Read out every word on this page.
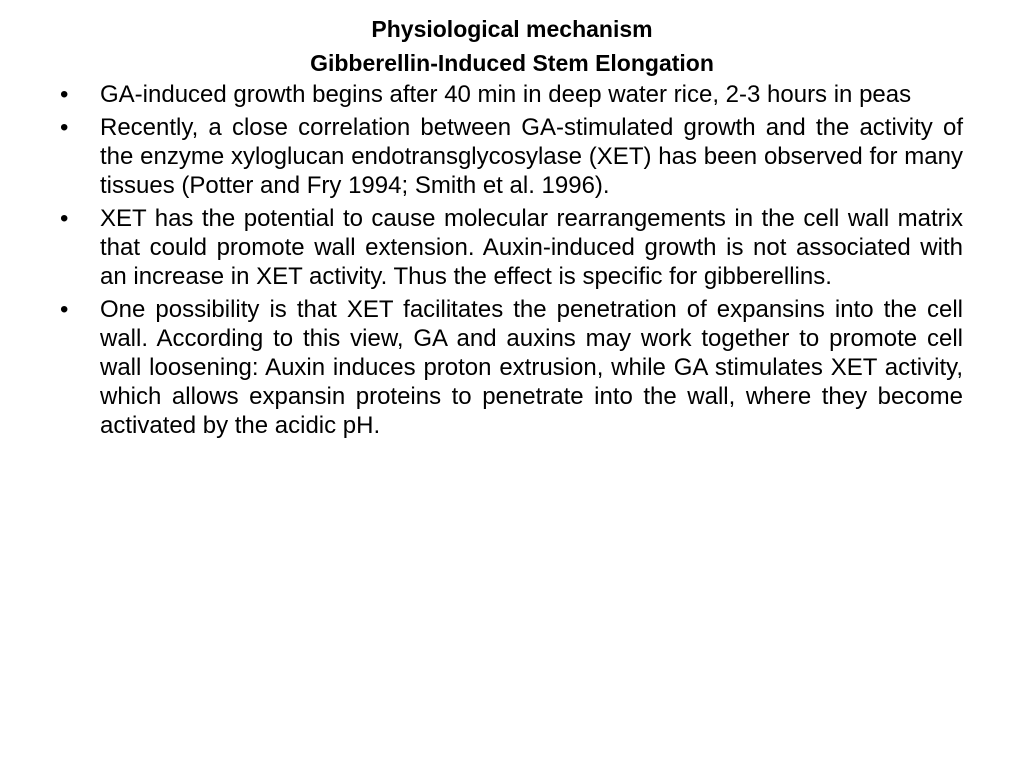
Physiological mechanism
Gibberellin-Induced Stem Elongation
• GA-induced growth begins after 40 min in deep water rice, 2-3 hours in peas
• Recently, a close correlation between GA-stimulated growth and the activity of the enzyme xyloglucan endotransglycosylase (XET) has been observed for many tissues (Potter and Fry 1994; Smith et al. 1996).
• XET has the potential to cause molecular rearrangements in the cell wall matrix that could promote wall extension. Auxin-induced growth is not associated with an increase in XET activity. Thus the effect is specific for gibberellins.
• One possibility is that XET facilitates the penetration of expansins into the cell wall. According to this view, GA and auxins may work together to promote cell wall loosening: Auxin induces proton extrusion, while GA stimulates XET activity, which allows expansin proteins to penetrate into the wall, where they become activated by the acidic pH.
